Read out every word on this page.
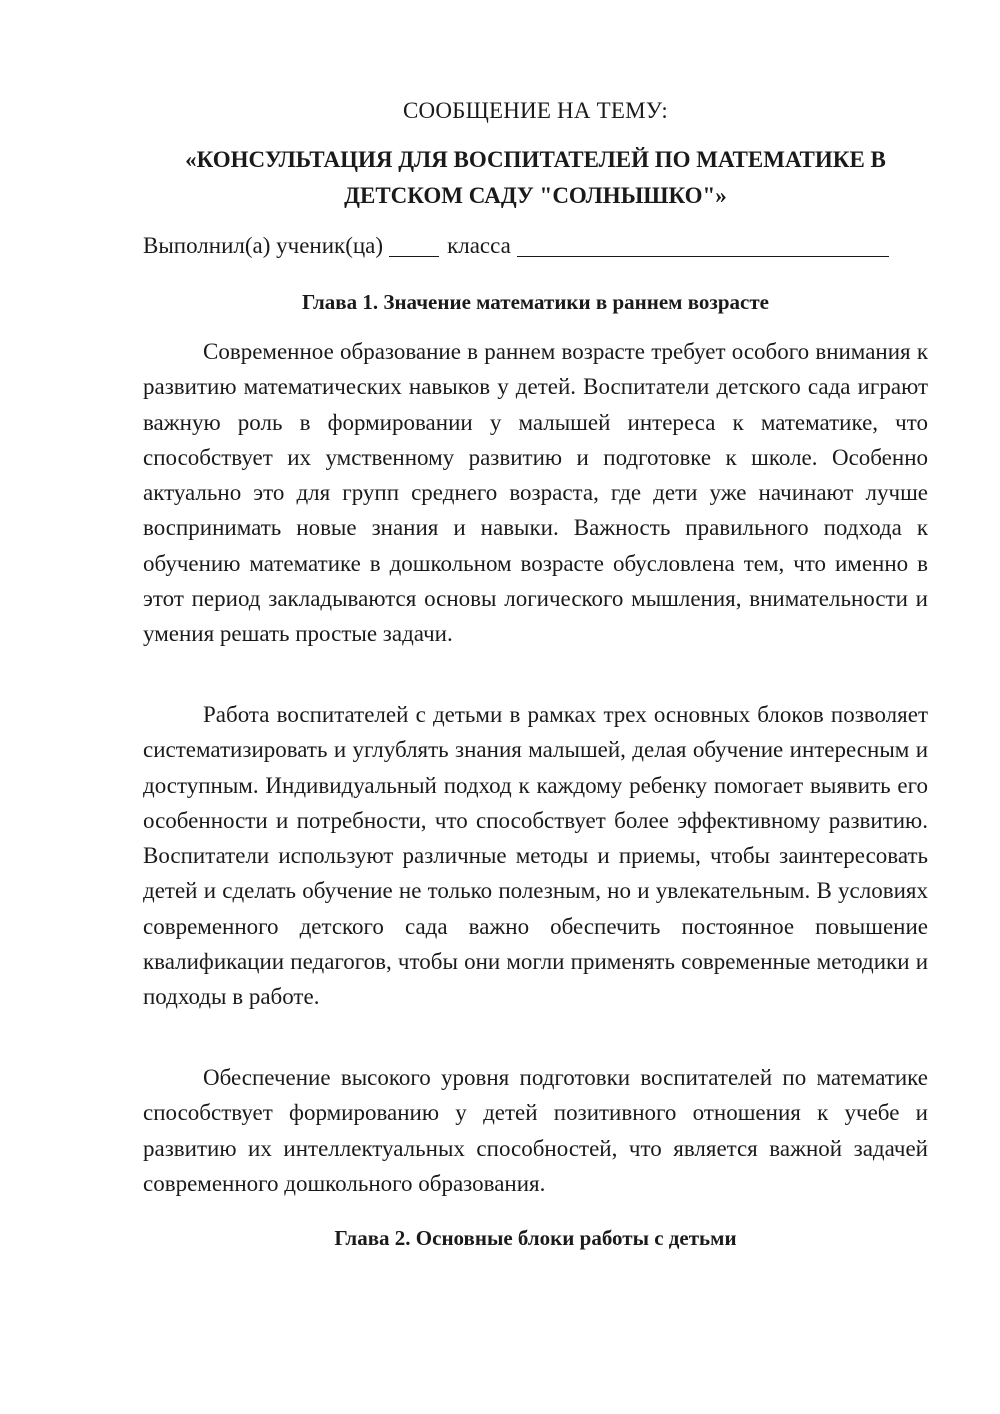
СООБЩЕНИЕ НА ТЕМУ:
«КОНСУЛЬТАЦИЯ ДЛЯ ВОСПИТАТЕЛЕЙ ПО МАТЕМАТИКЕ В ДЕТСКОМ САДУ "СОЛНЫШКО"»
Выполнил(а) ученик(ца)	класса
Глава 1. Значение математики в раннем возрасте
Современное образование в раннем возрасте требует особого внимания к развитию математических навыков у детей. Воспитатели детского сада играют важную роль в формировании у малышей интереса к математике, что способствует их умственному развитию и подготовке к школе. Особенно актуально это для групп среднего возраста, где дети уже начинают лучше воспринимать новые знания и навыки. Важность правильного подхода к обучению математике в дошкольном возрасте обусловлена тем, что именно в этот период закладываются основы логического мышления, внимательности и умения решать простые задачи.
Работа воспитателей с детьми в рамках трех основных блоков позволяет систематизировать и углублять знания малышей, делая обучение интересным и доступным. Индивидуальный подход к каждому ребенку помогает выявить его особенности и потребности, что способствует более эффективному развитию. Воспитатели используют различные методы и приемы, чтобы заинтересовать детей и сделать обучение не только полезным, но и увлекательным. В условиях современного детского сада важно обеспечить постоянное повышение квалификации педагогов, чтобы они могли применять современные методики и подходы в работе.
Обеспечение высокого уровня подготовки воспитателей по математике способствует формированию у детей позитивного отношения к учебе и развитию их интеллектуальных способностей, что является важной задачей современного дошкольного образования.
Глава 2. Основные блоки работы с детьми
